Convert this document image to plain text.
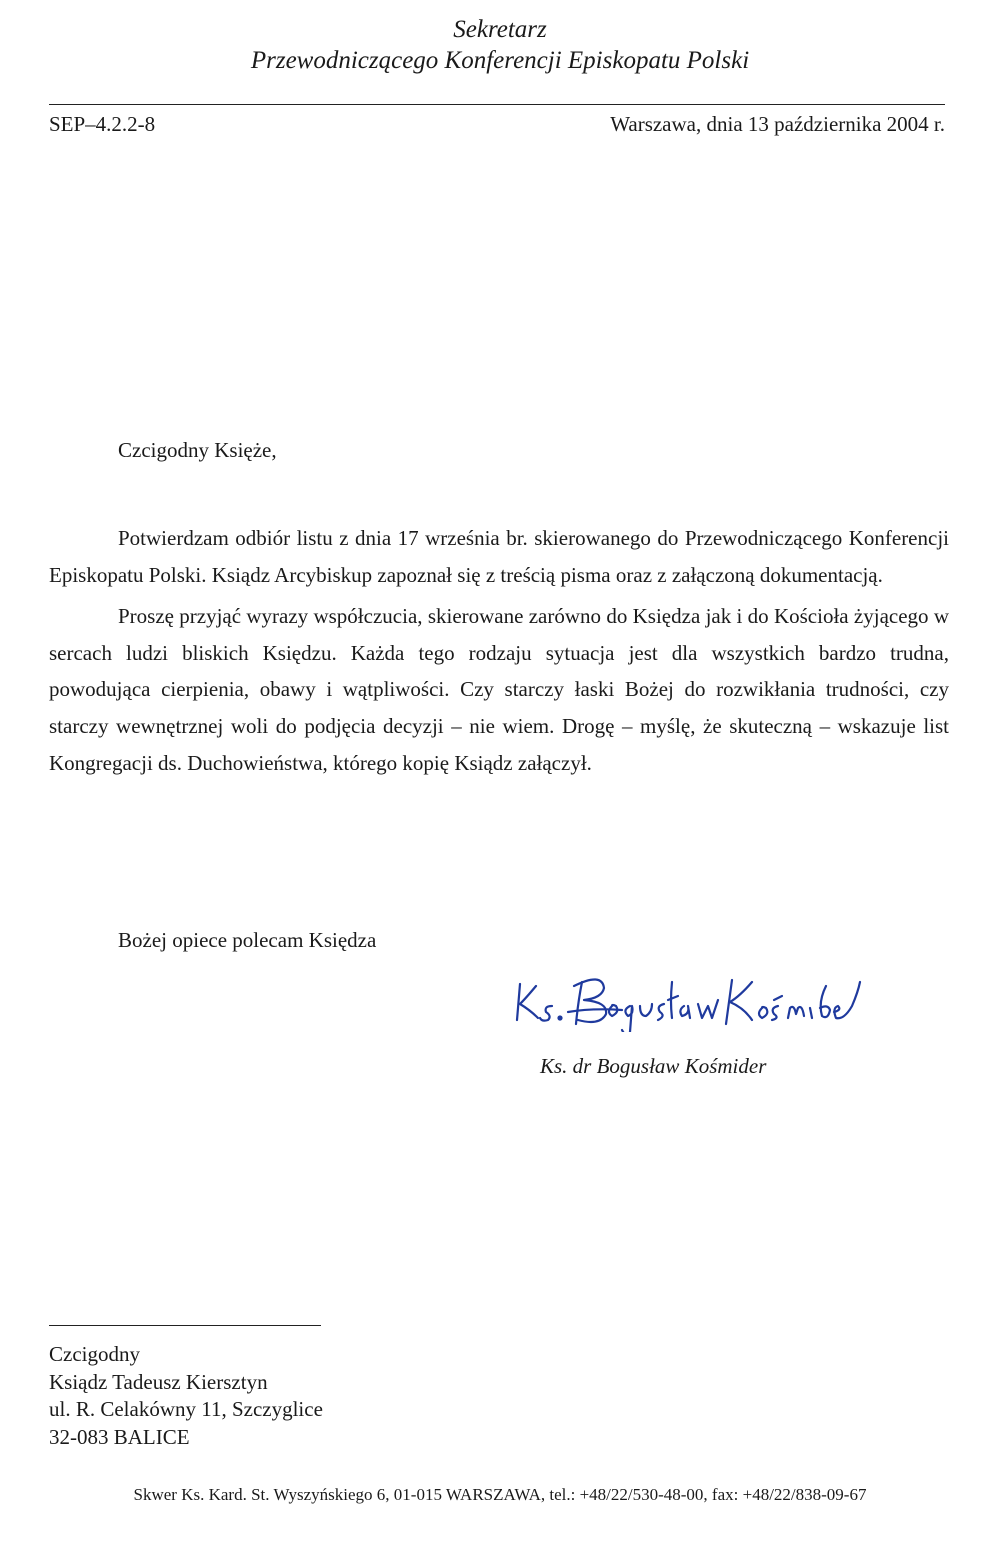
Sekretarz
Przewodniczącego Konferencji Episkopatu Polski
SEP–4.2.2-8	Warszawa, dnia 13 października 2004 r.
Czcigodny Księże,

Potwierdzam odbiór listu z dnia 17 września br. skierowanego do Przewodniczącego Konferencji Episkopatu Polski. Ksiądz Arcybiskup zapoznał się z treścią pisma oraz z załączoną dokumentacją.

Proszę przyjąć wyrazy współczucia, skierowane zarówno do Księdza jak i do Kościoła żyjącego w sercach ludzi bliskich Księdzu. Każda tego rodzaju sytuacja jest dla wszystkich bardzo trudna, powodująca cierpienia, obawy i wątpliwości. Czy starczy łaski Bożej do rozwikłania trudności, czy starczy wewnętrznej woli do podjęcia decyzji – nie wiem. Drogę – myślę, że skuteczną – wskazuje list Kongregacji ds. Duchowieństwa, którego kopię Ksiądz załączył.

Bożej opiece polecam Księdza
Ks. dr Bogusław Kośmider
Czcigodny
Ksiądz Tadeusz Kiersztyn
ul. R. Celakówny 11, Szczyglice
32-083 BALICE
Skwer Ks. Kard. St. Wyszyńskiego 6, 01-015 WARSZAWA, tel.: +48/22/530-48-00, fax: +48/22/838-09-67
